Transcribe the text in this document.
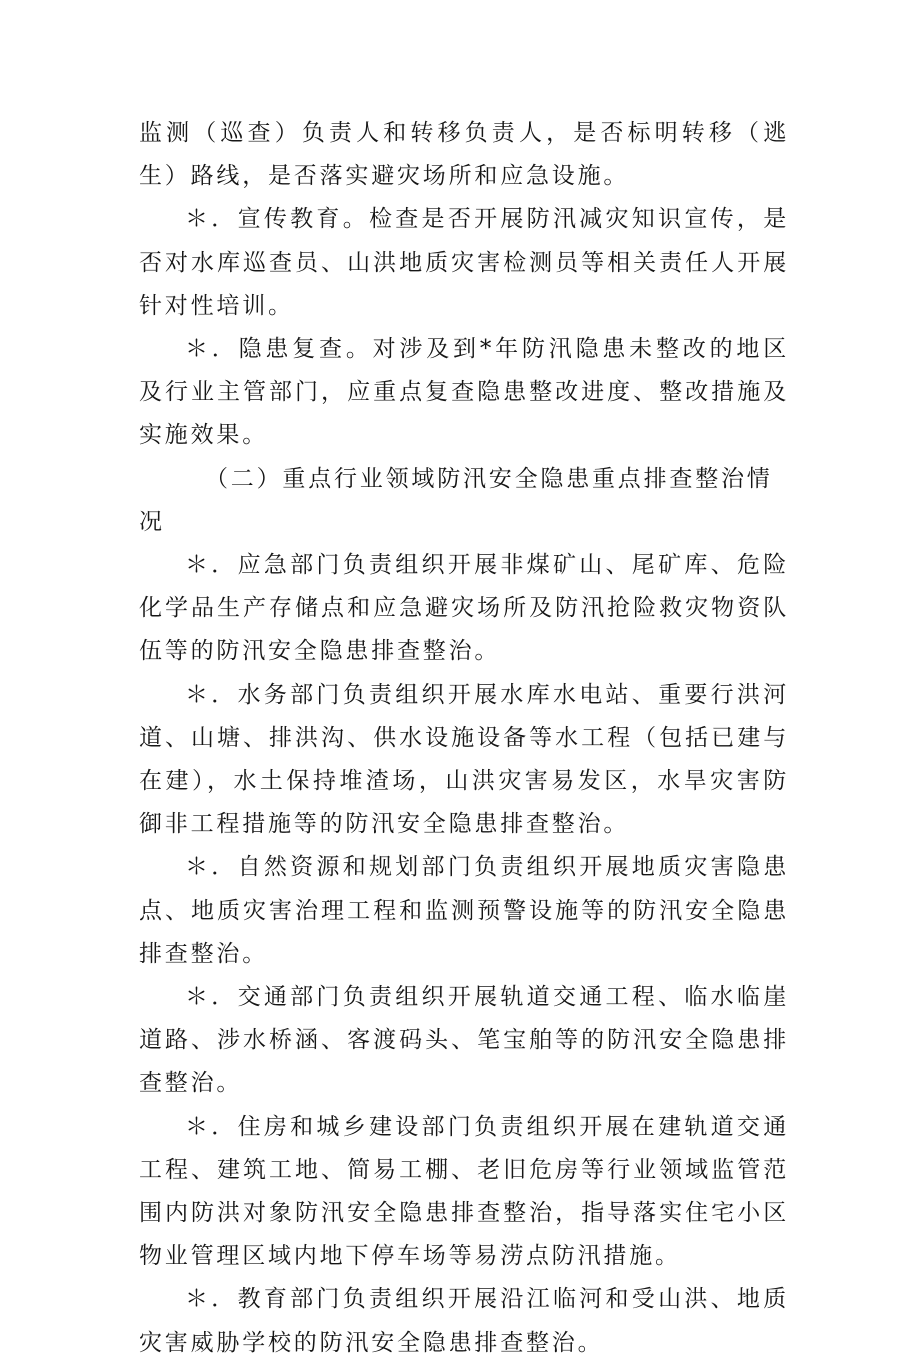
监测（巡查）负责人和转移负责人，是否标明转移（逃生）路线，是否落实避灾场所和应急设施。

＊．宣传教育。检查是否开展防汛减灾知识宣传，是否对水库巡查员、山洪地质灾害检测员等相关责任人开展针对性培训。

＊．隐患复查。对涉及到*年防汛隐患未整改的地区及行业主管部门，应重点复查隐患整改进度、整改措施及实施效果。

（二）重点行业领域防汛安全隐患重点排查整治情况

＊．应急部门负责组织开展非煤矿山、尾矿库、危险化学品生产存储点和应急避灾场所及防汛抢险救灾物资队伍等的防汛安全隐患排查整治。

＊．水务部门负责组织开展水库水电站、重要行洪河道、山塘、排洪沟、供水设施设备等水工程（包括已建与在建），水土保持堆渣场，山洪灾害易发区，水旱灾害防御非工程措施等的防汛安全隐患排查整治。

＊．自然资源和规划部门负责组织开展地质灾害隐患点、地质灾害治理工程和监测预警设施等的防汛安全隐患排查整治。

＊．交通部门负责组织开展轨道交通工程、临水临崖道路、涉水桥涵、客渡码头、笔宝舶等的防汛安全隐患排查整治。

＊．住房和城乡建设部门负责组织开展在建轨道交通工程、建筑工地、简易工棚、老旧危房等行业领域监管范围内防洪对象防汛安全隐患排查整治，指导落实住宅小区物业管理区域内地下停车场等易涝点防汛措施。

＊．教育部门负责组织开展沿江临河和受山洪、地质灾害威胁学校的防汛安全隐患排查整治。
